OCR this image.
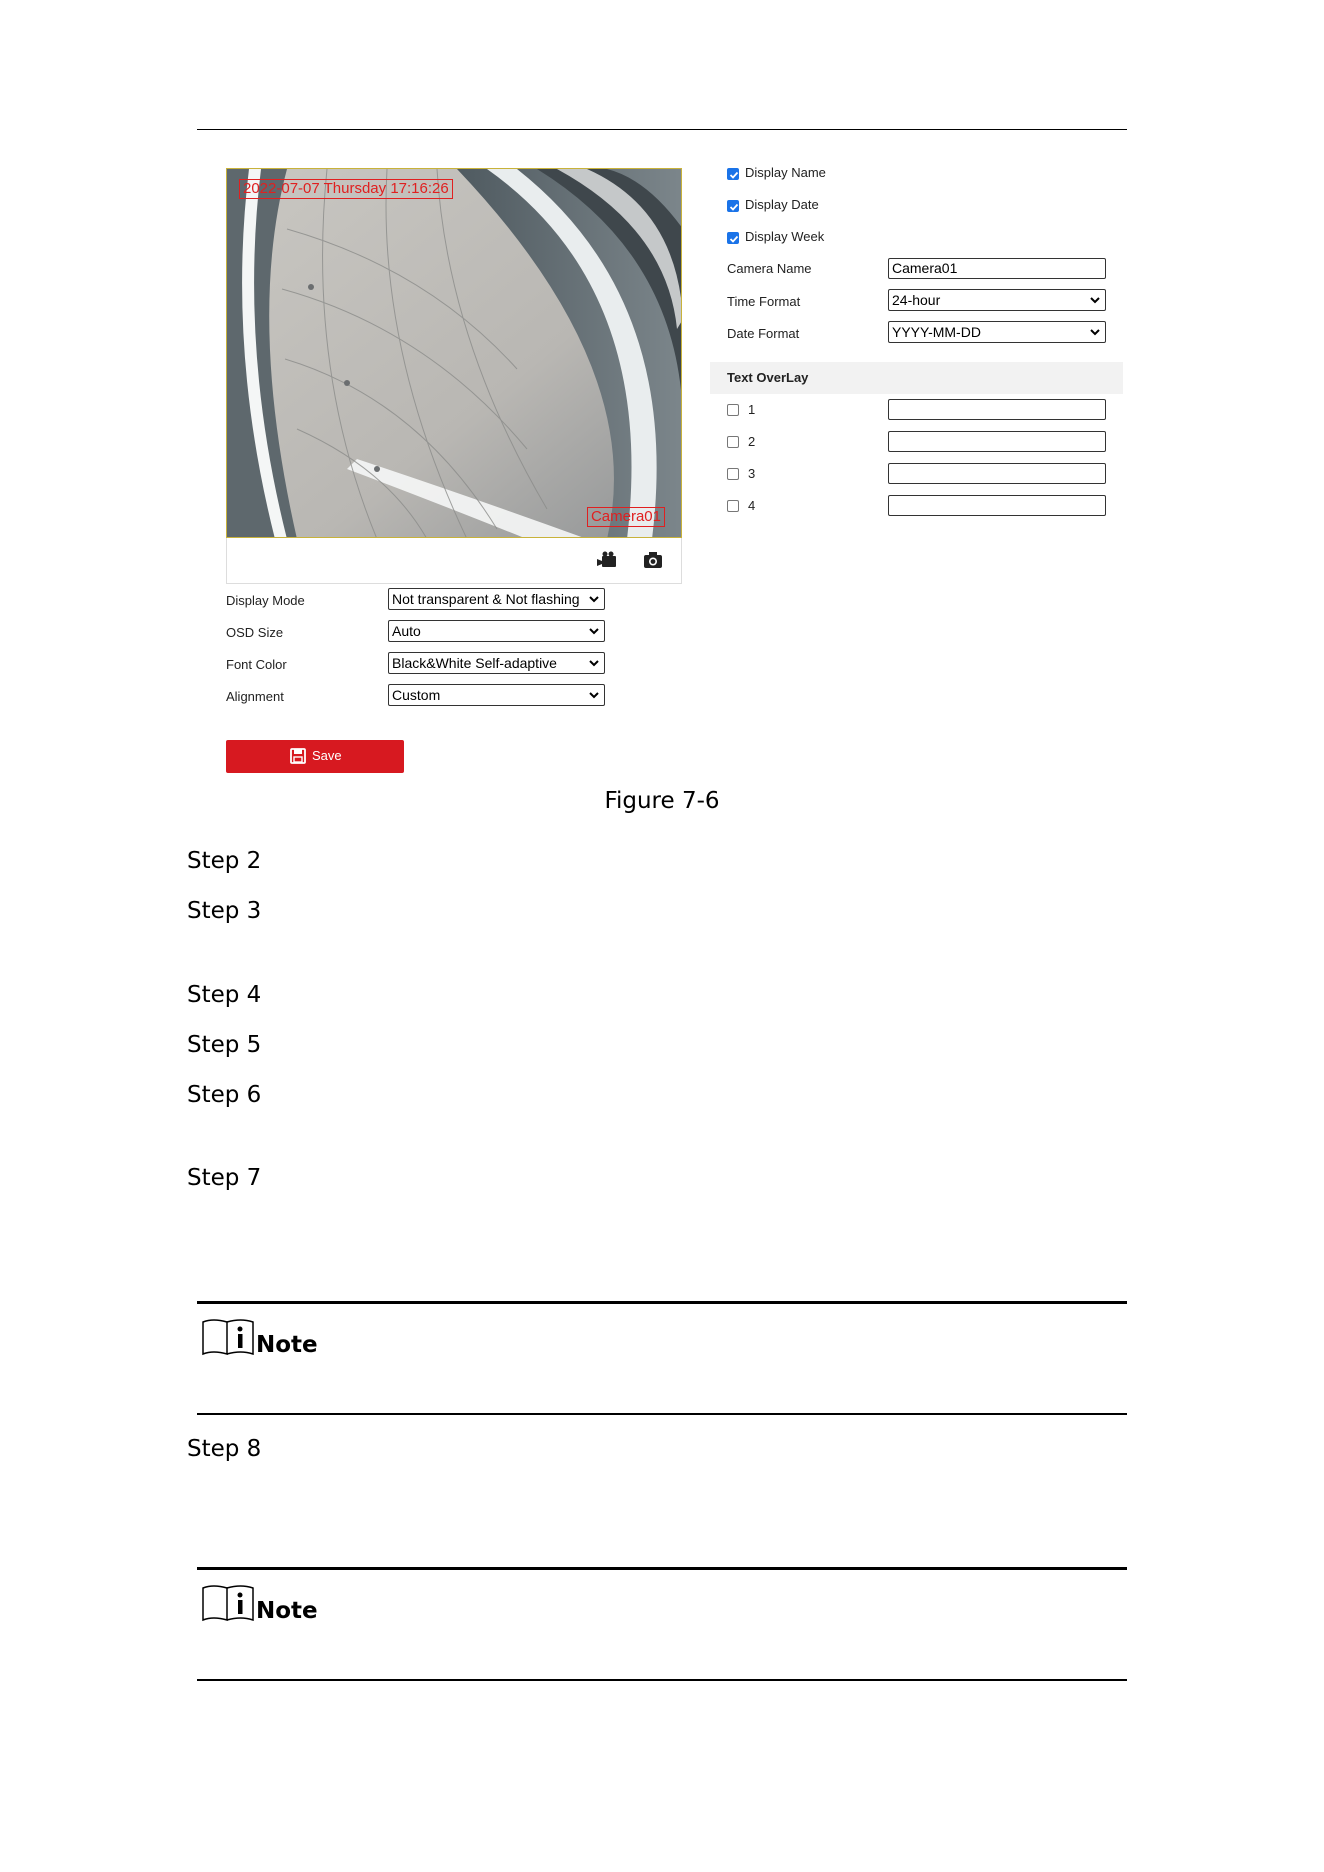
2022-07-07 Thursday 17:16:26
Camera01
Display Mode	Not transparent & Not flashing
OSD Size	Auto
Font Color	Black&White Self-adaptive
Alignment	Custom
Display Name
Display Date
Display Week
Camera Name	Camera01
Time Format	24-hour
Date Format	YYYY-MM-DD
Text OverLay
1
2
3
4
Save
Figure 7-6
Step 2
Step 3
Step 4
Step 5
Step 6
Step 7
Note
Step 8
Note
